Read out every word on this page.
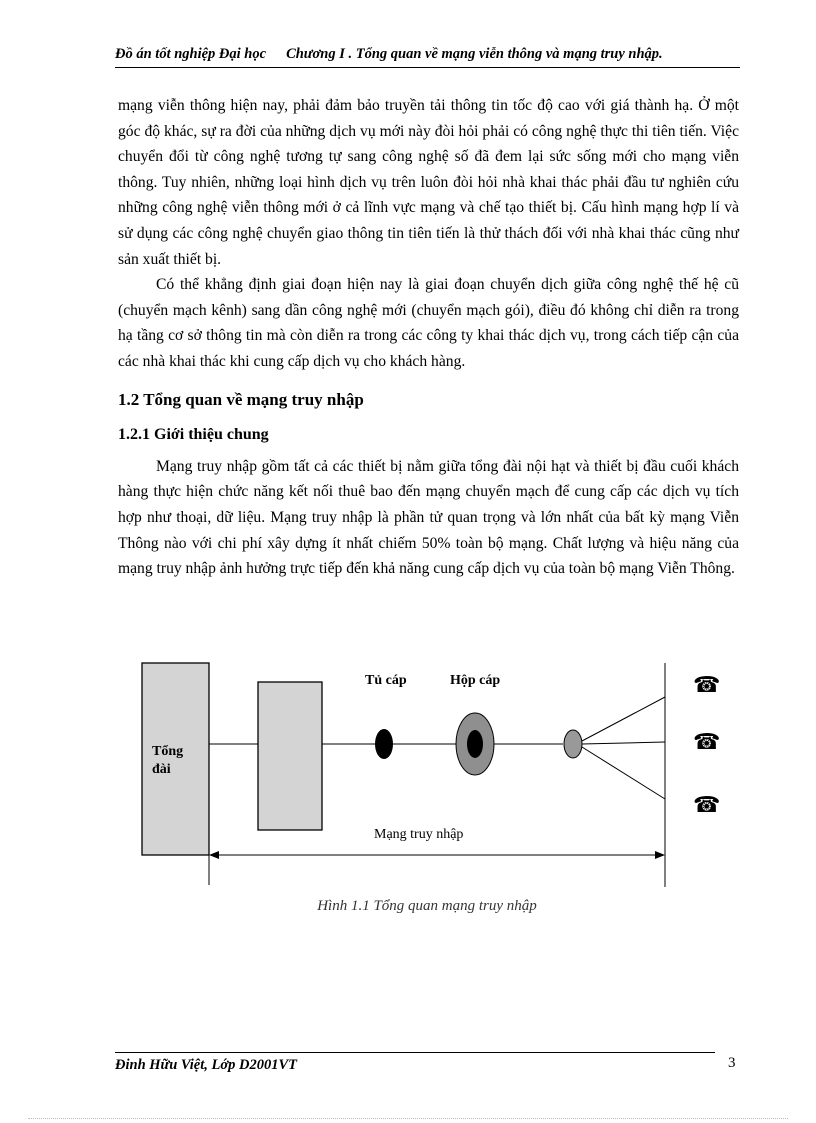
Đồ án tốt nghiệp Đại học Chương I . Tổng quan về mạng viễn thông và mạng truy nhập.

mạng viễn thông hiện nay, phải đảm bảo truyền tải thông tin tốc độ cao với giá thành hạ. Ở một góc độ khác, sự ra đời của những dịch vụ mới này đòi hỏi phải có công nghệ thực thi tiên tiến. Việc chuyển đổi từ công nghệ tương tự sang công nghệ số đã đem lại sức sống mới cho mạng viễn thông. Tuy nhiên, những loại hình dịch vụ trên luôn đòi hỏi nhà khai thác phải đầu tư nghiên cứu những công nghệ viễn thông mới ở cả lĩnh vực mạng và chế tạo thiết bị. Cấu hình mạng hợp lí và sử dụng các công nghệ chuyển giao thông tin tiên tiến là thử thách đối với nhà khai thác cũng như sản xuất thiết bị.

Có thể khẳng định giai đoạn hiện nay là giai đoạn chuyển dịch giữa công nghệ thế hệ cũ (chuyển mạch kênh) sang dần công nghệ mới (chuyển mạch gói), điều đó không chỉ diễn ra trong hạ tầng cơ sở thông tin mà còn diễn ra trong các công ty khai thác dịch vụ, trong cách tiếp cận của các nhà khai thác khi cung cấp dịch vụ cho khách hàng.

1.2 Tổng quan về mạng truy nhập
1.2.1 Giới thiệu chung

Mạng truy nhập gồm tất cả các thiết bị nằm giữa tổng đài nội hạt và thiết bị đầu cuối khách hàng thực hiện chức năng kết nối thuê bao đến mạng chuyển mạch để cung cấp các dịch vụ tích hợp như thoại, dữ liệu. Mạng truy nhập là phần tử quan trọng và lớn nhất của bất kỳ mạng Viễn Thông nào với chi phí xây dựng ít nhất chiếm 50% toàn bộ mạng. Chất lượng và hiệu năng của mạng truy nhập ảnh hưởng trực tiếp đến khả năng cung cấp dịch vụ của toàn bộ mạng Viễn Thông.

Tổng
đài
Tủ cáp	Hộp cáp	☎
☎
☎
Mạng truy nhập
Hình 1.1 Tổng quan mạng truy nhập
Đinh Hữu Việt, Lớp D2001VT	3
